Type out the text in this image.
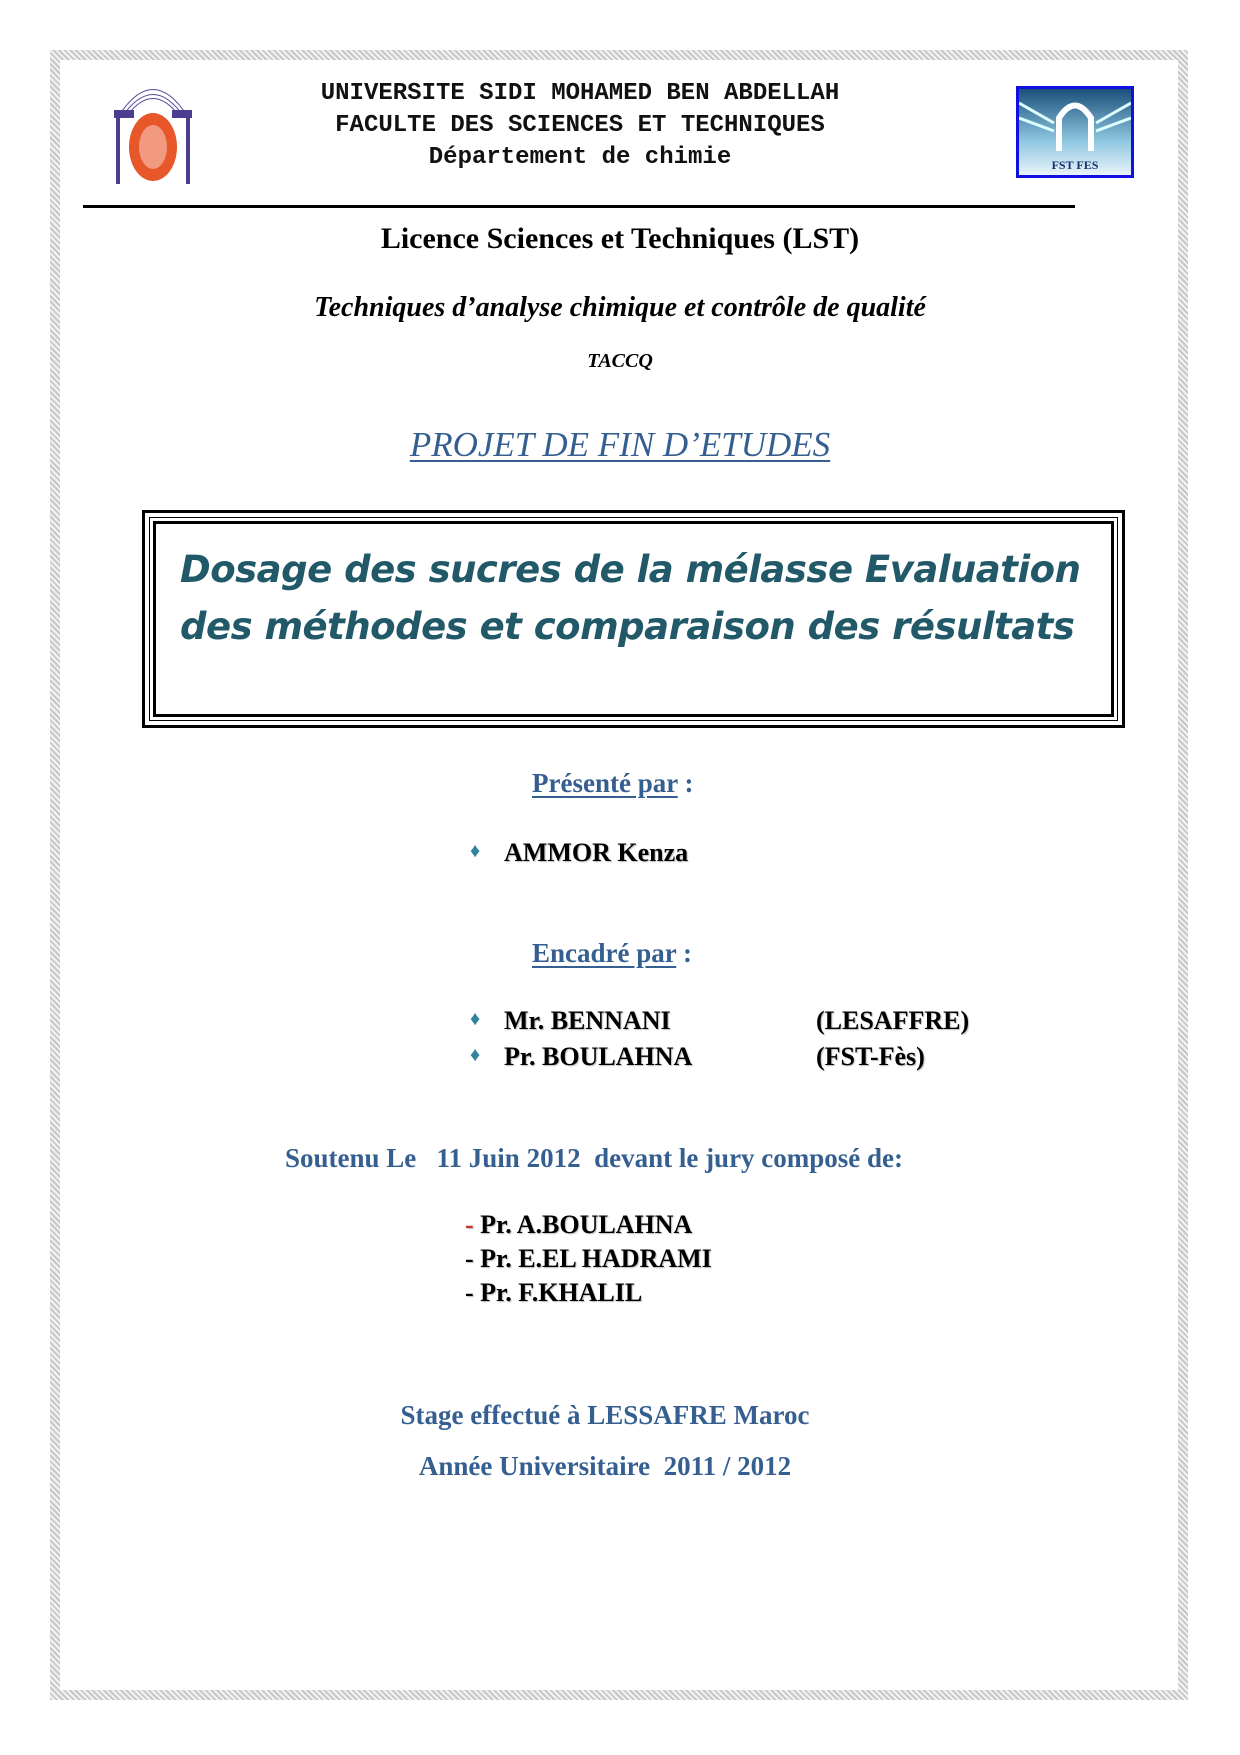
UNIVERSITE SIDI MOHAMED BEN ABDELLAH
FACULTE DES SCIENCES ET TECHNIQUES
Département de chimie	FST FES
Licence Sciences et Techniques (LST)
Techniques d’analyse chimique et contrôle de qualité
TACCQ
PROJET DE FIN D’ETUDES
Dosage des sucres de la mélasse Evaluation
des méthodes et comparaison des résultats
Présenté par :
♦ AMMOR Kenza
Encadré par :
♦ Mr. BENNANI	(LESAFFRE)
♦ Pr. BOULAHNA	(FST-Fès)
Soutenu Le   11 Juin 2012  devant le jury composé de:
- Pr. A.BOULAHNA
- Pr. E.EL HADRAMI
- Pr. F.KHALIL
Stage effectué à LESSAFRE Maroc
Année Universitaire  2011 / 2012
